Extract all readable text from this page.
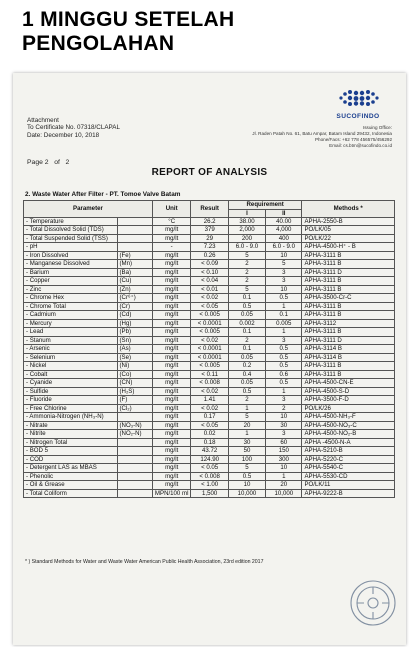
1 MINGGU SETELAH
PENGOLAHAN
Attachment
To Certificate No. 07318/CLAPAL
Date: December 10, 2018
Page 2   of   2
SUCOFINDO
Issuing Office:
Jl. Raden Patah No. 61, Batu Ampar, Batam Island 29432, Indonesia
Phone/Facs: +62 778 456575/456292
Email: cs.btm@sucofindo.co.id
REPORT OF ANALYSIS
2. Waste Water After Filter - PT. Tomoe Valve Batam
Parameter		Unit	Result	Requirement		Methods *
				I	II	
- Temperature		°C	26.2	38.00	40.00	APHA-2550-B
- Total Dissolved Solid (TDS)		mg/lt	379	2,000	4,000	PO/LK/05
- Total Suspended Solid (TSS)		mg/lt	29	200	400	PO/LK/22
- pH		-	7.23	6.0 - 9.0	6.0 - 9.0	APHA-4500-H⁺ - B
- Iron Dissolved	(Fe)	mg/lt	0.26	5	10	APHA-3111 B
- Manganese Dissolved	(Mn)	mg/lt	< 0.09	2	5	APHA-3111 B
- Barium	(Ba)	mg/lt	< 0.10	2	3	APHA-3111 D
- Copper	(Cu)	mg/lt	< 0.04	2	3	APHA-3111 B
- Zinc	(Zn)	mg/lt	< 0.01	5	10	APHA-3111 B
- Chrome Hex	(Cr⁶⁺)	mg/lt	< 0.02	0.1	0.5	APHA-3500-Cr-C
- Chrome Total	(Cr)	mg/lt	< 0.05	0.5	1	APHA-3111 B
- Cadmium	(Cd)	mg/lt	< 0.005	0.05	0.1	APHA-3111 B
- Mercury	(Hg)	mg/lt	< 0.0001	0.002	0.005	APHA-3112
- Lead	(Pb)	mg/lt	< 0.005	0.1	1	APHA-3111 B
- Stanum	(Sn)	mg/lt	< 0.02	2	3	APHA-3111 D
- Arsenic	(As)	mg/lt	< 0.0001	0.1	0.5	APHA-3114 B
- Selenium	(Se)	mg/lt	< 0.0001	0.05	0.5	APHA-3114 B
- Nickel	(Ni)	mg/lt	< 0.005	0.2	0.5	APHA-3111 B
- Cobalt	(Co)	mg/lt	< 0.11	0.4	0.6	APHA-3111 B
- Cyanide	(CN)	mg/lt	< 0.008	0.05	0.5	APHA-4500-CN-E
- Sulfide	(H₂S)	mg/lt	< 0.02	0.5	1	APHA-4500-S-D
- Fluoride	(F)	mg/lt	1.41	2	3	APHA-3500-F-D
- Free Chlorine	(Cl₂)	mg/lt	< 0.02	1	2	PO/LK/26
- Ammonia-Nitrogen (NH₃-N)		mg/lt	0.17	5	10	APHA-4500-NH₃-F
- Nitrate	(NO₃-N)	mg/lt	< 0.05	20	30	APHA-4500-NO₃-C
- Nitrite	(NO₂-N)	mg/lt	0.02	1	3	APHA-4500-NO₂-B
- Nitrogen Total		mg/lt	0.18	30	60	APHA -4500-N-A
- BOD 5		mg/lt	43.72	50	150	APHA-5210-B
- COD		mg/lt	124.90	100	300	APHA-5220-C
- Detergent LAS as MBAS		mg/lt	< 0.05	5	10	APHA-5540-C
- Phenolic		mg/lt	< 0.008	0.5	1	APHA-5530-CD
- Oil & Grease		mg/lt	< 1.00	10	20	PO/LK/11
- Total Coliform		MPN/100 ml	1,500	10,000	10,000	APHA-9222-B
* ) Standard Methods for Water and Waste Water American Public Health Association, 23rd edition 2017
